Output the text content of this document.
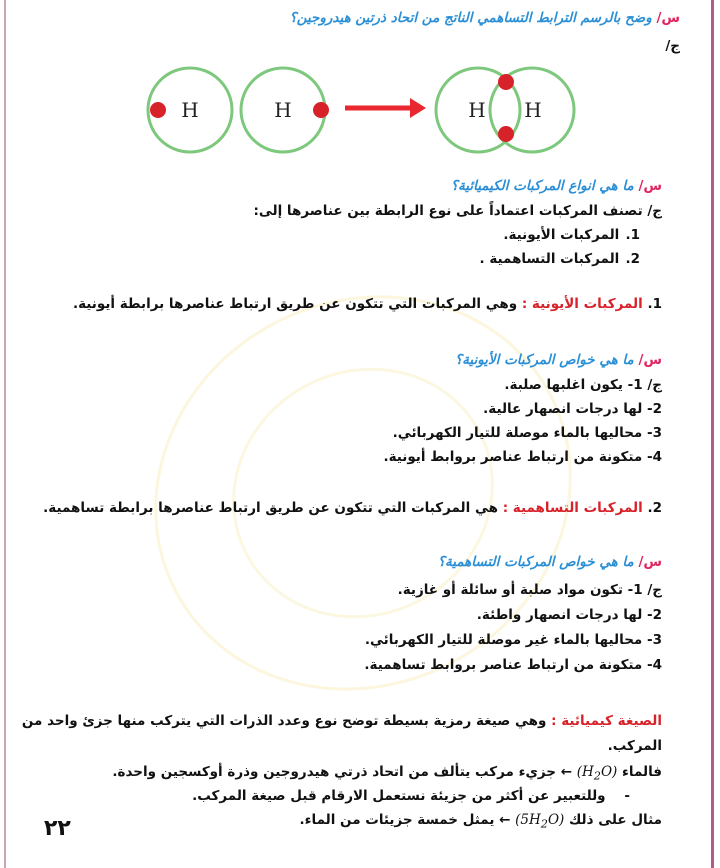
س/ وضح بالرسم الترابط التساهمي الناتج من اتحاد ذرتين هيدروجين؟
ج/
H	H	H H
س/ ما هي انواع المركبات الكيميائية؟
ج/ تصنف المركبات اعتماداً على نوع الرابطة بين عناصرها إلى:
1. المركبات الأيونية.
2. المركبات التساهمية .
1. المركبات الأيونية : وهي المركبات التي تتكون عن طريق ارتباط عناصرها برابطة أيونية.
س/ ما هي خواص المركبات الأيونية؟
ج/ 1- يكون اغلبها صلبة.
2- لها درجات انصهار عالية.
3- محاليها بالماء موصلة للتيار الكهربائي.
4- متكونة من ارتباط عناصر بروابط أيونية.
2. المركبات التساهمية : هي المركبات التي تتكون عن طريق ارتباط عناصرها برابطة تساهمية.
س/ ما هي خواص المركبات التساهمية؟
ج/ 1- تكون مواد صلبة أو سائلة أو غازية.
2- لها درجات انصهار واطئة.
3- محاليها بالماء غير موصلة للتيار الكهربائي.
4- متكونة من ارتباط عناصر بروابط تساهمية.
الصيغة كيميائية : وهي صيغة رمزية بسيطة توضح نوع وعدد الذرات التي يتركب منها جزئ واحد من
المركب.
فالماء $(H_2O)$ ← جزيء مركب يتألف من اتحاد ذرتي هيدروجين وذرة أوكسجين واحدة.
-    وللتعبير عن أكثر من جزيئة نستعمل الارقام قبل صيغة المركب.
مثال على ذلك $(5H_2O)$ ← يمثل خمسة جزيئات من الماء.
٢٢
